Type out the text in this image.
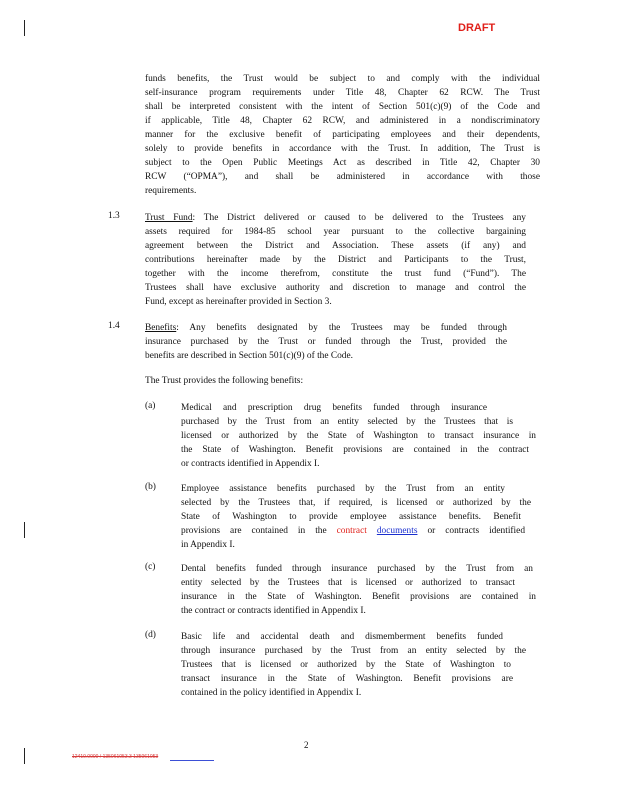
DRAFT
funds benefits, the Trust would be subject to and comply with the individual
self-insurance program requirements under Title 48, Chapter 62 RCW. The Trust
shall be interpreted consistent with the intent of Section 501(c)(9) of the Code and
if applicable, Title 48, Chapter 62 RCW, and administered in a nondiscriminatory
manner for the exclusive benefit of participating employees and their dependents,
solely to provide benefits in accordance with the Trust. In addition, The Trust is
subject to the Open Public Meetings Act as described in Title 42, Chapter 30
RCW (“OPMA”), and shall be administered in accordance with those
requirements.
1.3	Trust Fund: The District delivered or caused to be delivered to the Trustees any
assets required for 1984-85 school year pursuant to the collective bargaining
agreement between the District and Association. These assets (if any) and
contributions hereinafter made by the District and Participants to the Trust,
together with the income therefrom, constitute the trust fund (“Fund”). The
Trustees shall have exclusive authority and discretion to manage and control the
Fund, except as hereinafter provided in Section 3.
1.4	Benefits: Any benefits designated by the Trustees may be funded through
insurance purchased by the Trust or funded through the Trust, provided the
benefits are described in Section 501(c)(9) of the Code.
The Trust provides the following benefits:
(a)	Medical and prescription drug benefits funded through insurance
purchased by the Trust from an entity selected by the Trustees that is
licensed or authorized by the State of Washington to transact insurance in
the State of Washington. Benefit provisions are contained in the contract
or contracts identified in Appendix I.
(b)	Employee assistance benefits purchased by the Trust from an entity
selected by the Trustees that, if required, is licensed or authorized by the
State of Washington to provide employee assistance benefits. Benefit
provisions are contained in the contract documents or contracts identified
in Appendix I.
(c)	Dental benefits funded through insurance purchased by the Trust from an
entity selected by the Trustees that is licensed or authorized to transact
insurance in the State of Washington. Benefit provisions are contained in
the contract or contracts identified in Appendix I.
(d)	Basic life and accidental death and dismemberment benefits funded
through insurance purchased by the Trust from an entity selected by the
Trustees that is licensed or authorized by the State of Washington to
transact insurance in the State of Washington. Benefit provisions are
contained in the policy identified in Appendix I.
2
12410.0000 / 135061053.3 135061053
